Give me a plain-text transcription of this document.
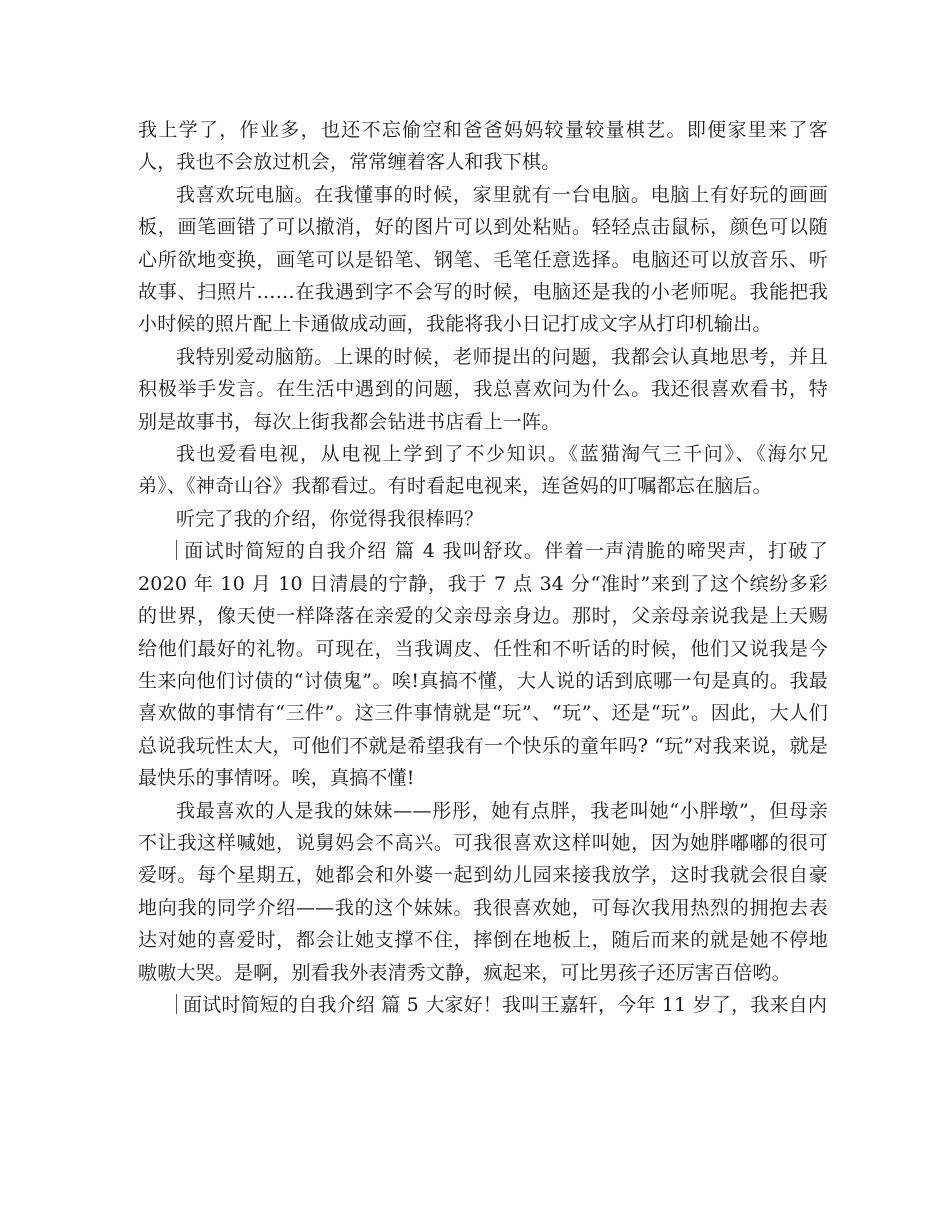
我上学了，作业多，也还不忘偷空和爸爸妈妈较量较量棋艺。即便家里来了客人，我也不会放过机会，常常缠着客人和我下棋。

我喜欢玩电脑。在我懂事的时候，家里就有一台电脑。电脑上有好玩的画画板，画笔画错了可以撤消，好的图片可以到处粘贴。轻轻点击鼠标，颜色可以随心所欲地变换，画笔可以是铅笔、钢笔、毛笔任意选择。电脑还可以放音乐、听故事、扫照片……在我遇到字不会写的时候，电脑还是我的小老师呢。我能把我小时候的照片配上卡通做成动画，我能将我小日记打成文字从打印机输出。

我特别爱动脑筋。上课的时候，老师提出的问题，我都会认真地思考，并且积极举手发言。在生活中遇到的问题，我总喜欢问为什么。我还很喜欢看书，特别是故事书，每次上街我都会钻进书店看上一阵。

我也爱看电视，从电视上学到了不少知识。《蓝猫淘气三千问》、《海尔兄弟》、《神奇山谷》我都看过。有时看起电视来，连爸妈的叮嘱都忘在脑后。

听完了我的介绍，你觉得我很棒吗？

面试时简短的自我介绍 篇 4 我叫舒玫。伴着一声清脆的啼哭声，打破了 2020 年 10 月 10 日清晨的宁静，我于 7 点 34 分“准时”来到了这个缤纷多彩的世界，像天使一样降落在亲爱的父亲母亲身边。那时，父亲母亲说我是上天赐给他们最好的礼物。可现在，当我调皮、任性和不听话的时候，他们又说我是今生来向他们讨债的“讨债鬼”。唉!真搞不懂，大人说的话到底哪一句是真的。我最喜欢做的事情有“三件”。这三件事情就是“玩”、“玩”、还是“玩”。因此，大人们总说我玩性太大，可他们不就是希望我有一个快乐的童年吗? “玩”对我来说，就是最快乐的事情呀。唉，真搞不懂!

我最喜欢的人是我的妹妹——彤彤，她有点胖，我老叫她“小胖墩”，但母亲不让我这样喊她，说舅妈会不高兴。可我很喜欢这样叫她，因为她胖嘟嘟的很可爱呀。每个星期五，她都会和外婆一起到幼儿园来接我放学，这时我就会很自豪地向我的同学介绍——我的这个妹妹。我很喜欢她，可每次我用热烈的拥抱去表达对她的喜爱时，都会让她支撑不住，摔倒在地板上，随后而来的就是她不停地嗷嗷大哭。是啊，别看我外表清秀文静，疯起来，可比男孩子还厉害百倍哟。

面试时简短的自我介绍 篇 5 大家好！我叫王嘉轩，今年 11 岁了，我来自内
